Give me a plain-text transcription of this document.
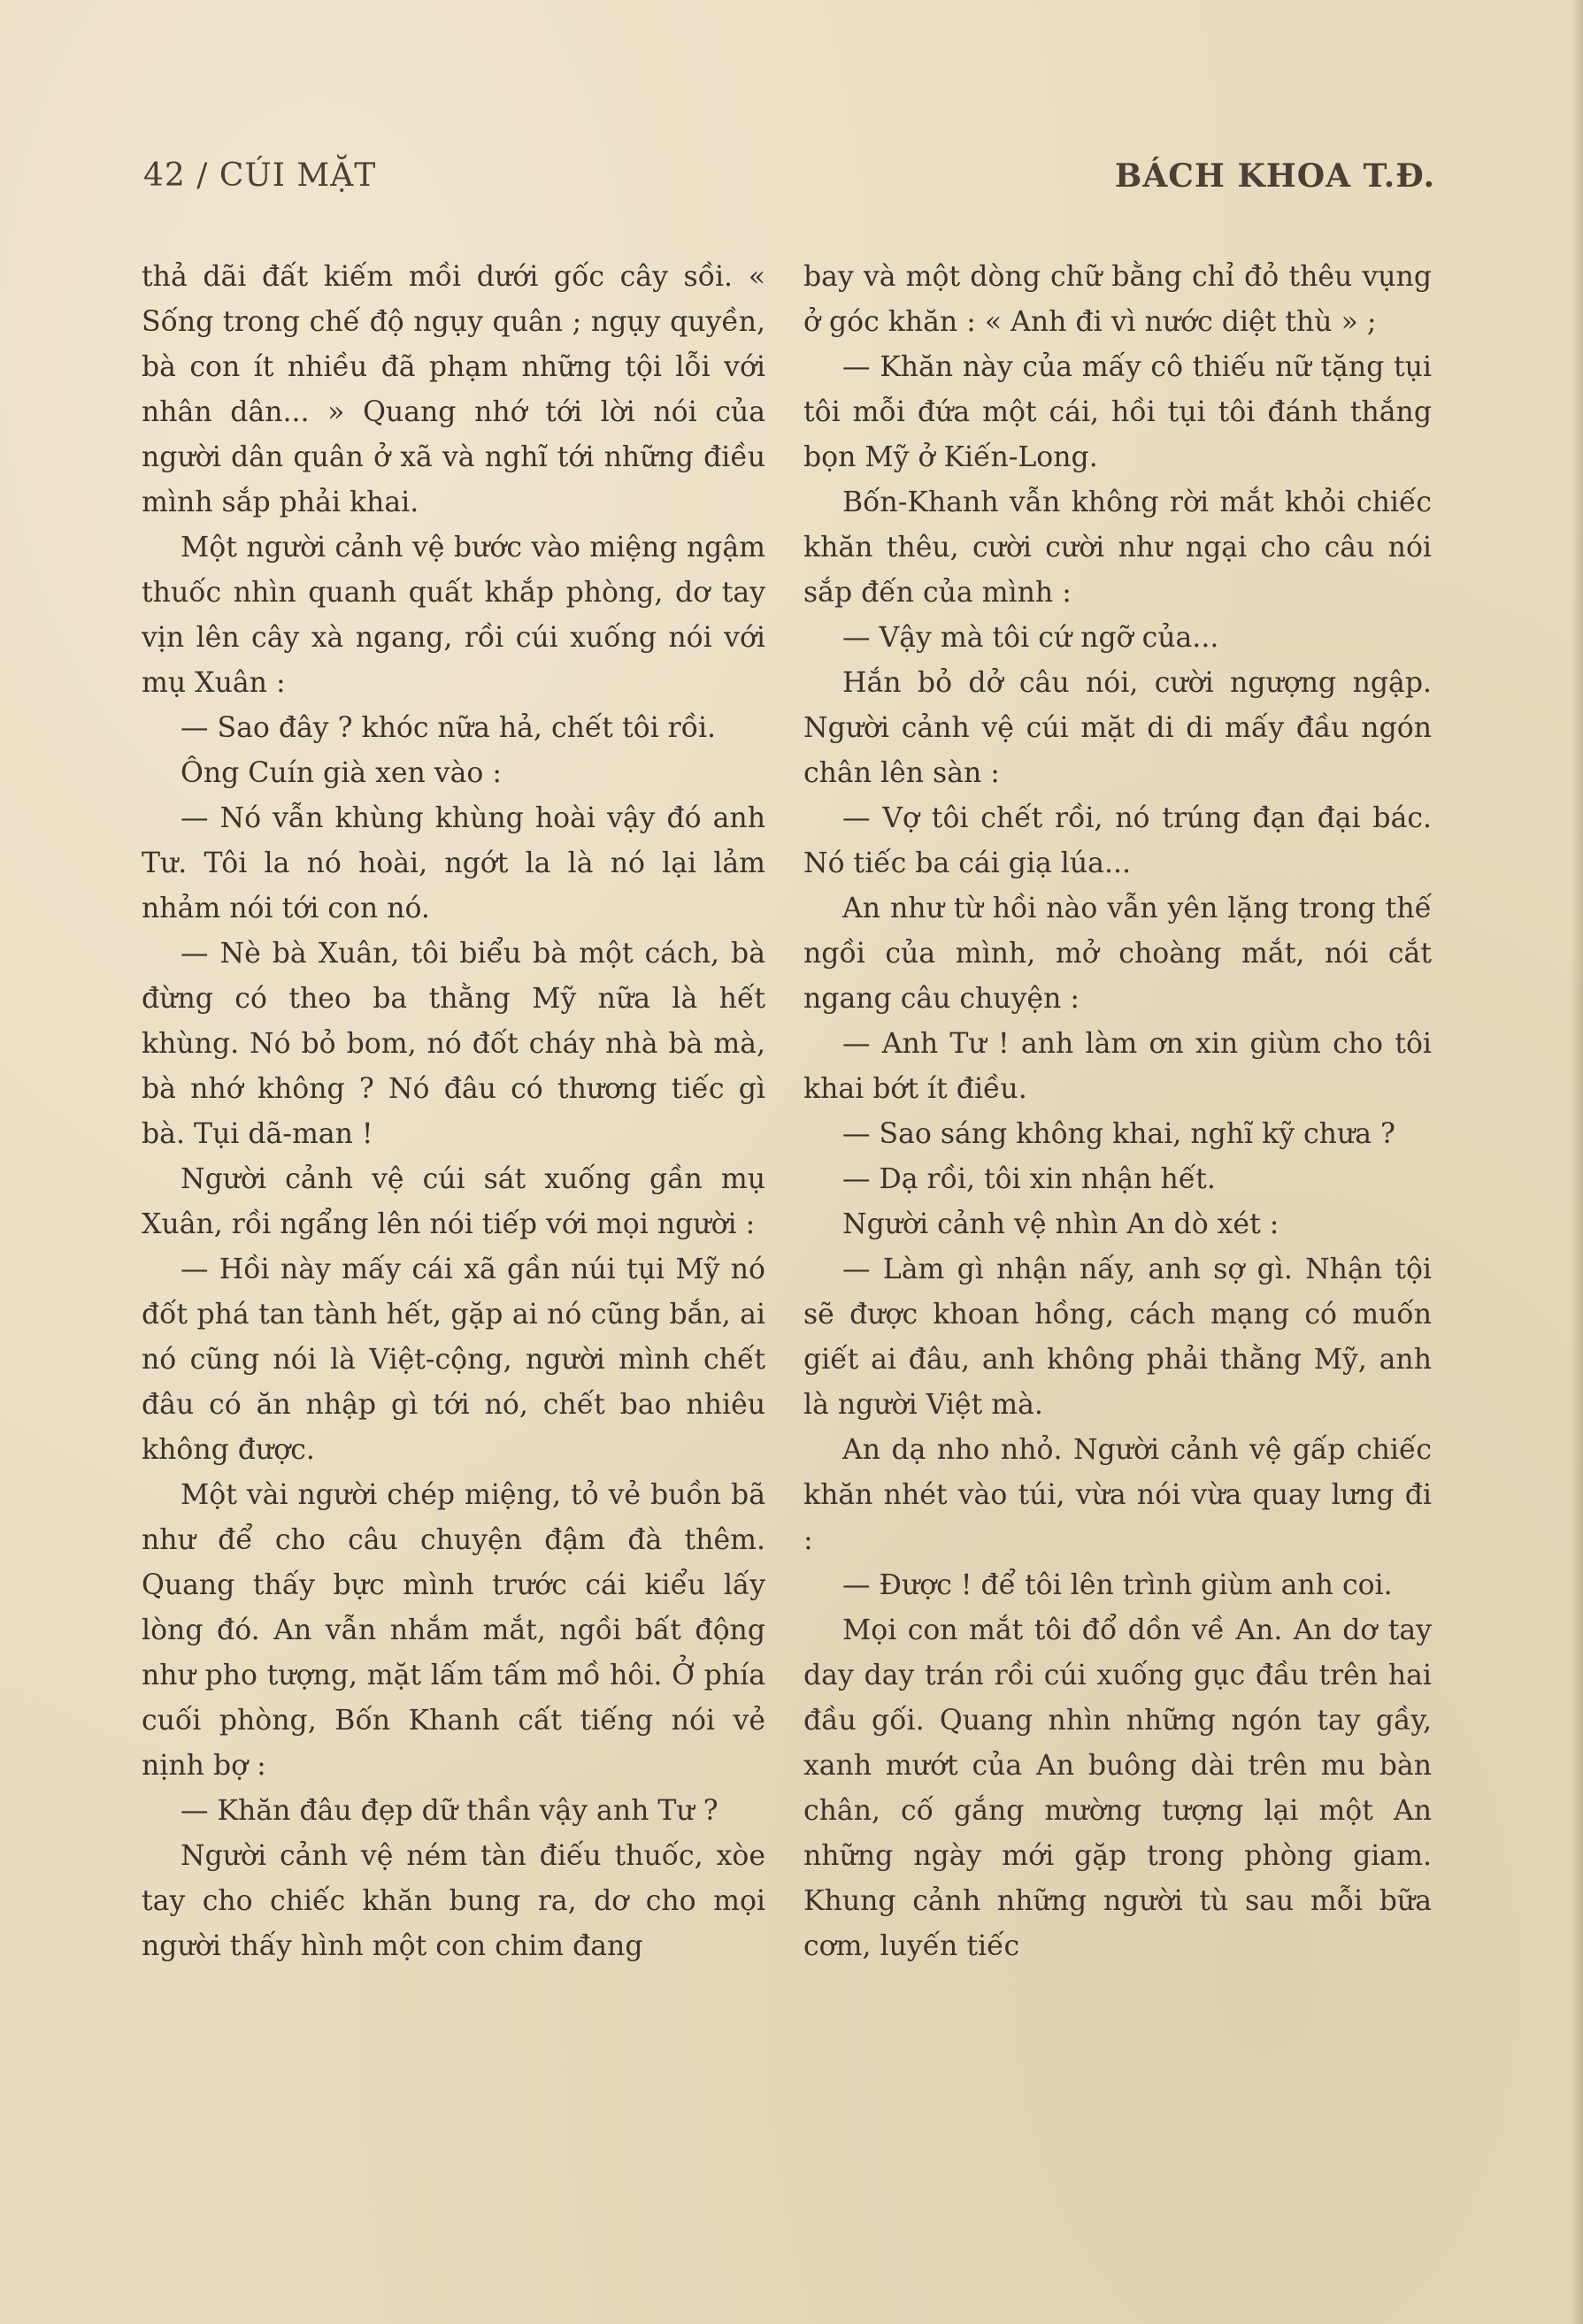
42 / CÚI MẶT	BÁCH KHOA T.Đ.

thả dãi đất kiếm mồi dưới gốc cây sồi. « Sống trong chế độ ngụy quân ; ngụy quyền, bà con ít nhiều đã phạm những tội lỗi với nhân dân... » Quang nhớ tới lời nói của người dân quân ở xã và nghĩ tới những điều mình sắp phải khai.

Một người cảnh vệ bước vào miệng ngậm thuốc nhìn quanh quất khắp phòng, dơ tay vịn lên cây xà ngang, rồi cúi xuống nói với mụ Xuân :

— Sao đây ? khóc nữa hả, chết tôi rồi.

Ông Cuín già xen vào :

— Nó vẫn khùng khùng hoài vậy đó anh Tư. Tôi la nó hoài, ngớt la là nó lại lảm nhảm nói tới con nó.

— Nè bà Xuân, tôi biểu bà một cách, bà đừng có theo ba thằng Mỹ nữa là hết khùng. Nó bỏ bom, nó đốt cháy nhà bà mà, bà nhớ không ? Nó đâu có thương tiếc gì bà. Tụi dã-man !

Người cảnh vệ cúi sát xuống gần mụ Xuân, rồi ngẩng lên nói tiếp với mọi người :

— Hồi này mấy cái xã gần núi tụi Mỹ nó đốt phá tan tành hết, gặp ai nó cũng bắn, ai nó cũng nói là Việt-cộng, người mình chết đâu có ăn nhập gì tới nó, chết bao nhiêu không được.

Một vài người chép miệng, tỏ vẻ buồn bã như để cho câu chuyện đậm đà thêm. Quang thấy bực mình trước cái kiểu lấy lòng đó. An vẫn nhắm mắt, ngồi bất động như pho tượng, mặt lấm tấm mồ hôi. Ở phía cuối phòng, Bốn Khanh cất tiếng nói vẻ nịnh bợ :

— Khăn đâu đẹp dữ thần vậy anh Tư ?

Người cảnh vệ ném tàn điếu thuốc, xòe tay cho chiếc khăn bung ra, dơ cho mọi người thấy hình một con chim đang

bay và một dòng chữ bằng chỉ đỏ thêu vụng ở góc khăn : « Anh đi vì nước diệt thù » ;

— Khăn này của mấy cô thiếu nữ tặng tụi tôi mỗi đứa một cái, hồi tụi tôi đánh thắng bọn Mỹ ở Kiến-Long.

Bốn-Khanh vẫn không rời mắt khỏi chiếc khăn thêu, cười cười như ngại cho câu nói sắp đến của mình :

— Vậy mà tôi cứ ngỡ của...

Hắn bỏ dở câu nói, cười ngượng ngập. Người cảnh vệ cúi mặt di di mấy đầu ngón chân lên sàn :

— Vợ tôi chết rồi, nó trúng đạn đại bác. Nó tiếc ba cái giạ lúa...

An như từ hồi nào vẫn yên lặng trong thế ngồi của mình, mở choàng mắt, nói cắt ngang câu chuyện :

— Anh Tư ! anh làm ơn xin giùm cho tôi khai bớt ít điều.

— Sao sáng không khai, nghĩ kỹ chưa ?

— Dạ rồi, tôi xin nhận hết.

Người cảnh vệ nhìn An dò xét :

— Làm gì nhận nấy, anh sợ gì. Nhận tội sẽ được khoan hồng, cách mạng có muốn giết ai đâu, anh không phải thằng Mỹ, anh là người Việt mà.

An dạ nho nhỏ. Người cảnh vệ gấp chiếc khăn nhét vào túi, vừa nói vừa quay lưng đi :

— Được ! để tôi lên trình giùm anh coi.

Mọi con mắt tôi đổ dồn về An. An dơ tay day day trán rồi cúi xuống gục đầu trên hai đầu gối. Quang nhìn những ngón tay gầy, xanh mướt của An buông dài trên mu bàn chân, cố gắng mường tượng lại một An những ngày mới gặp trong phòng giam. Khung cảnh những người tù sau mỗi bữa cơm, luyến tiếc
